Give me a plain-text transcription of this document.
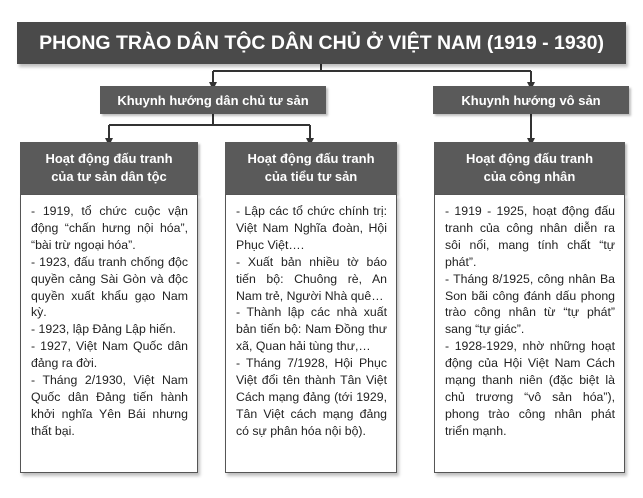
PHONG TRÀO DÂN TỘC DÂN CHỦ Ở VIỆT NAM (1919 - 1930)
Khuynh hướng dân chủ tư sản	Khuynh hướng vô sản
Hoạt động đấu tranh
của tư sản dân tộc

- 1919, tổ chức cuộc vận động “chấn hưng nội hóa”, “bài trừ ngoại hóa”.

- 1923, đấu tranh chống độc quyền cảng Sài Gòn và độc quyền xuất khẩu gạo Nam kỳ.

- 1923, lập Đảng Lập hiến.

- 1927, Việt Nam Quốc dân đảng ra đời.

- Tháng 2/1930, Việt Nam Quốc dân Đảng tiến hành khởi nghĩa Yên Bái nhưng thất bại.

Hoạt động đấu tranh
của tiểu tư sản

- Lập các tổ chức chính trị: Việt Nam Nghĩa đoàn, Hội Phục Việt….

- Xuất bản nhiều tờ báo tiến bộ: Chuông rè, An Nam trẻ, Người Nhà quê…

- Thành lập các nhà xuất bản tiến bộ: Nam Đồng thư xã, Quan hải tùng thư,…

- Tháng 7/1928, Hội Phục Việt đổi tên thành Tân Việt Cách mạng đảng (tới 1929, Tân Việt cách mạng đảng có sự phân hóa nội bộ).

Hoạt động đấu tranh
của công nhân

- 1919 - 1925, hoạt động đấu tranh của công nhân diễn ra sôi nổi, mang tính chất “tự phát”.

- Tháng 8/1925, công nhân Ba Son bãi công đánh dấu phong trào công nhân từ “tự phát” sang “tự giác”.

- 1928-1929, nhờ những hoạt động của Hội Việt Nam Cách mạng thanh niên (đặc biệt là chủ trương “vô sản hóa”), phong trào công nhân phát triển mạnh.
